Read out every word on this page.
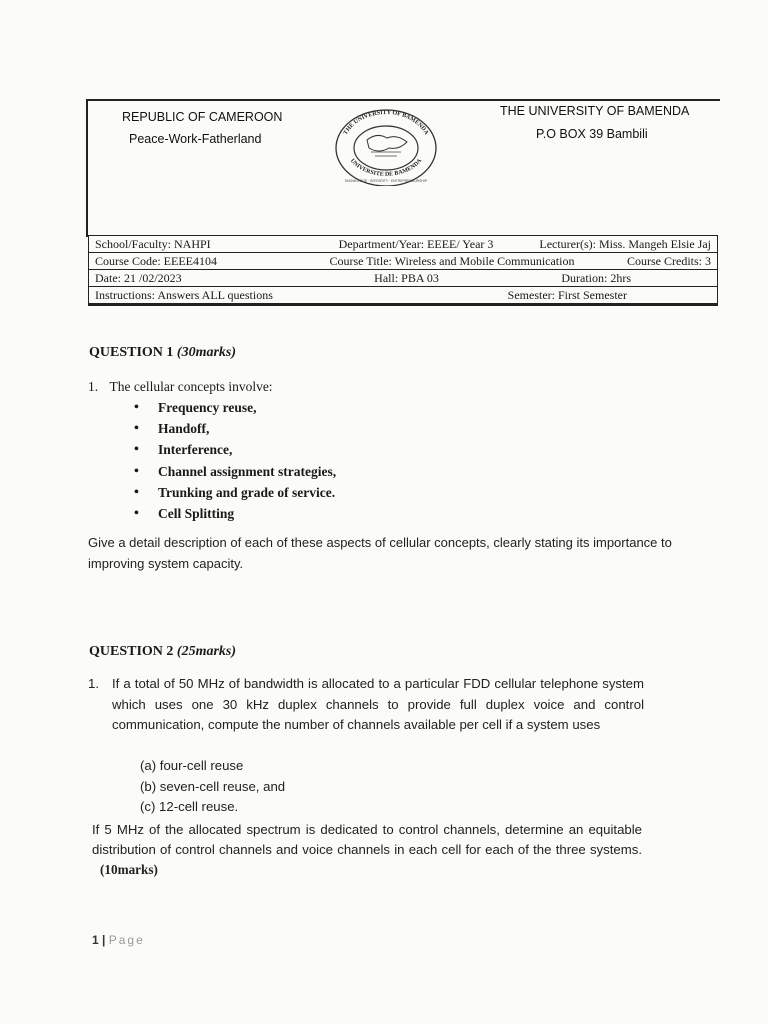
REPUBLIC OF CAMEROON
Peace-Work-Fatherland
THE UNIVERSITY OF BAMENDA
P.O BOX 39 Bambili
THE UNIVERSITY OF BAMENDA
UNIVERSITE DE BAMENDA
KNOWLEDGE · INTEGRITY · ENTREPRENEURSHIP
School/Faculty: NAHPI	Department/Year: EEEE/ Year 3	Lecturer(s): Miss. Mangeh Elsie Jaj

Course Code: EEEE4104	Course Title: Wireless and Mobile Communication	Course Credits: 3

Date: 21 /02/2023	Hall: PBA 03	Duration: 2hrs

Instructions: Answers ALL questions	Semester: First Semester
QUESTION 1 (30marks)
1. The cellular concepts involve:
• Frequency reuse,
• Handoff,
• Interference,
• Channel assignment strategies,
• Trunking and grade of service.
• Cell Splitting
Give a detail description of each of these aspects of cellular concepts, clearly stating its importance to improving system capacity.
QUESTION 2 (25marks)
1. If a total of 50 MHz of bandwidth is allocated to a particular FDD cellular telephone system which uses one 30 kHz duplex channels to provide full duplex voice and control communication, compute the number of channels available per cell if a system uses
(a) four-cell reuse
(b) seven-cell reuse, and
(c) 12-cell reuse.
If 5 MHz of the allocated spectrum is dedicated to control channels, determine an equitable distribution of control channels and voice channels in each cell for each of the three systems. (10marks)
1 | Page
